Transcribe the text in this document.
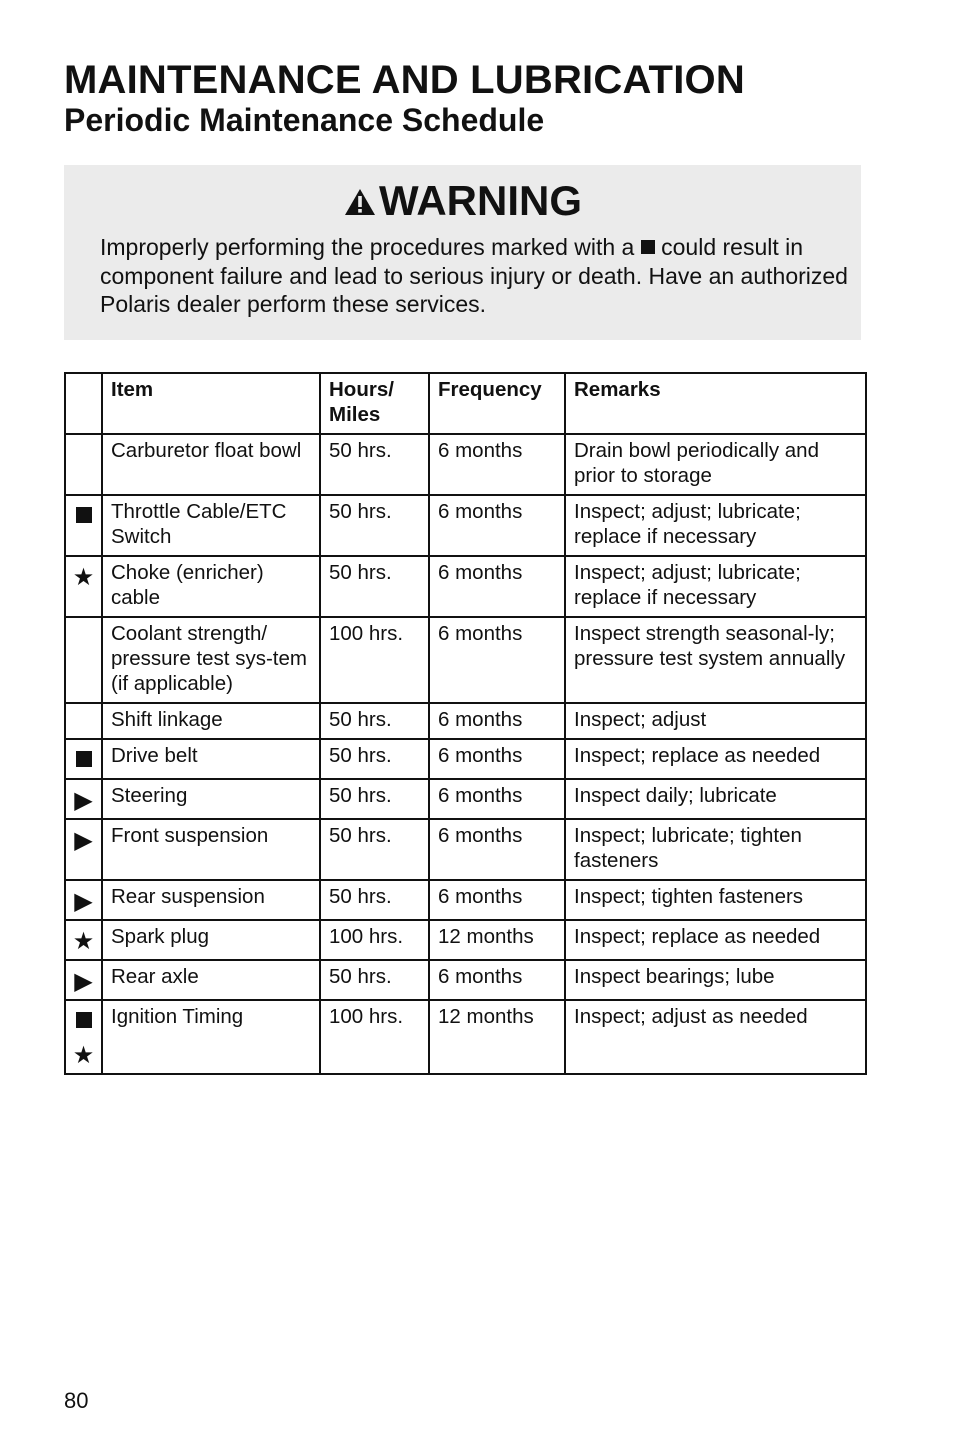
MAINTENANCE AND LUBRICATION
Periodic Maintenance Schedule
WARNING
Improperly performing the procedures marked with a could result in component failure and lead to serious injury or death. Have an authorized Polaris dealer perform these services.
	Item	Hours/ Miles	Frequency	Remarks
	Carburetor float bowl	50 hrs.	6 months	Drain bowl periodically and prior to storage

	Throttle Cable/ETC Switch	50 hrs.	6 months	Inspect; adjust; lubricate; replace if necessary

★	Choke (enricher) cable	50 hrs.	6 months	Inspect; adjust; lubricate; replace if necessary
	Coolant strength/ pressure test sys-tem (if applicable)	100 hrs.	6 months	Inspect strength seasonal-ly; pressure test system annually
	Shift linkage	50 hrs.	6 months	Inspect; adjust

	Drive belt	50 hrs.	6 months	Inspect; replace as needed

▶	Steering	50 hrs.	6 months	Inspect daily; lubricate

▶	Front suspension	50 hrs.	6 months	Inspect; lubricate; tighten fasteners

▶	Rear suspension	50 hrs.	6 months	Inspect; tighten fasteners

★	Spark plug	100 hrs.	12 months	Inspect; replace as needed

▶	Rear axle	50 hrs.	6 months	Inspect bearings; lube

★	Ignition Timing	100 hrs.	12 months	Inspect; adjust as needed
80
